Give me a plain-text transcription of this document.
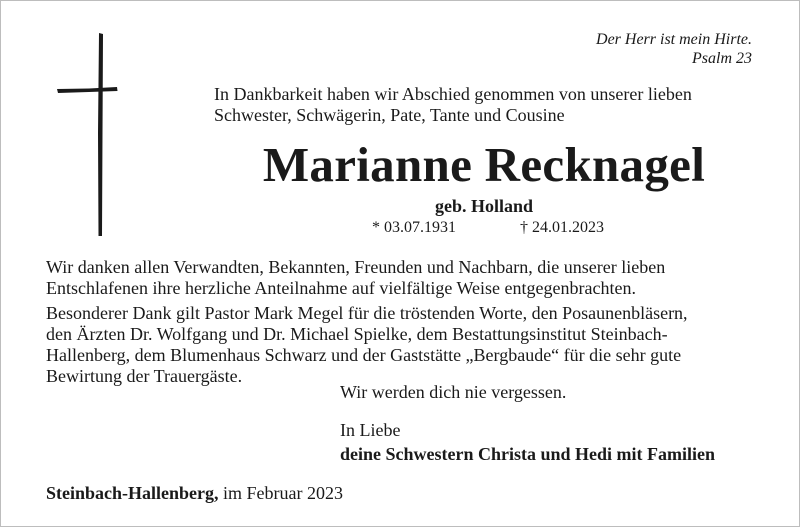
Der Herr ist mein Hirte.
Psalm 23
In Dankbarkeit haben wir Abschied genommen von unserer lieben
Schwester, Schwägerin, Pate, Tante und Cousine
Marianne Recknagel
geb. Holland
* 03.07.1931	† 24.01.2023
Wir danken allen Verwandten, Bekannten, Freunden und Nachbarn, die unserer lieben
Entschlafenen ihre herzliche Anteilnahme auf vielfältige Weise entgegenbrachten.
Besonderer Dank gilt Pastor Mark Megel für die tröstenden Worte, den Posaunenbläsern,
den Ärzten Dr. Wolfgang und Dr. Michael Spielke, dem Bestattungsinstitut Steinbach-
Hallenberg, dem Blumenhaus Schwarz und der Gaststätte „Bergbaude“ für die sehr gute
Bewirtung der Trauergäste.
Wir werden dich nie vergessen.
In Liebe
deine Schwestern Christa und Hedi mit Familien
Steinbach-Hallenberg, im Februar 2023
